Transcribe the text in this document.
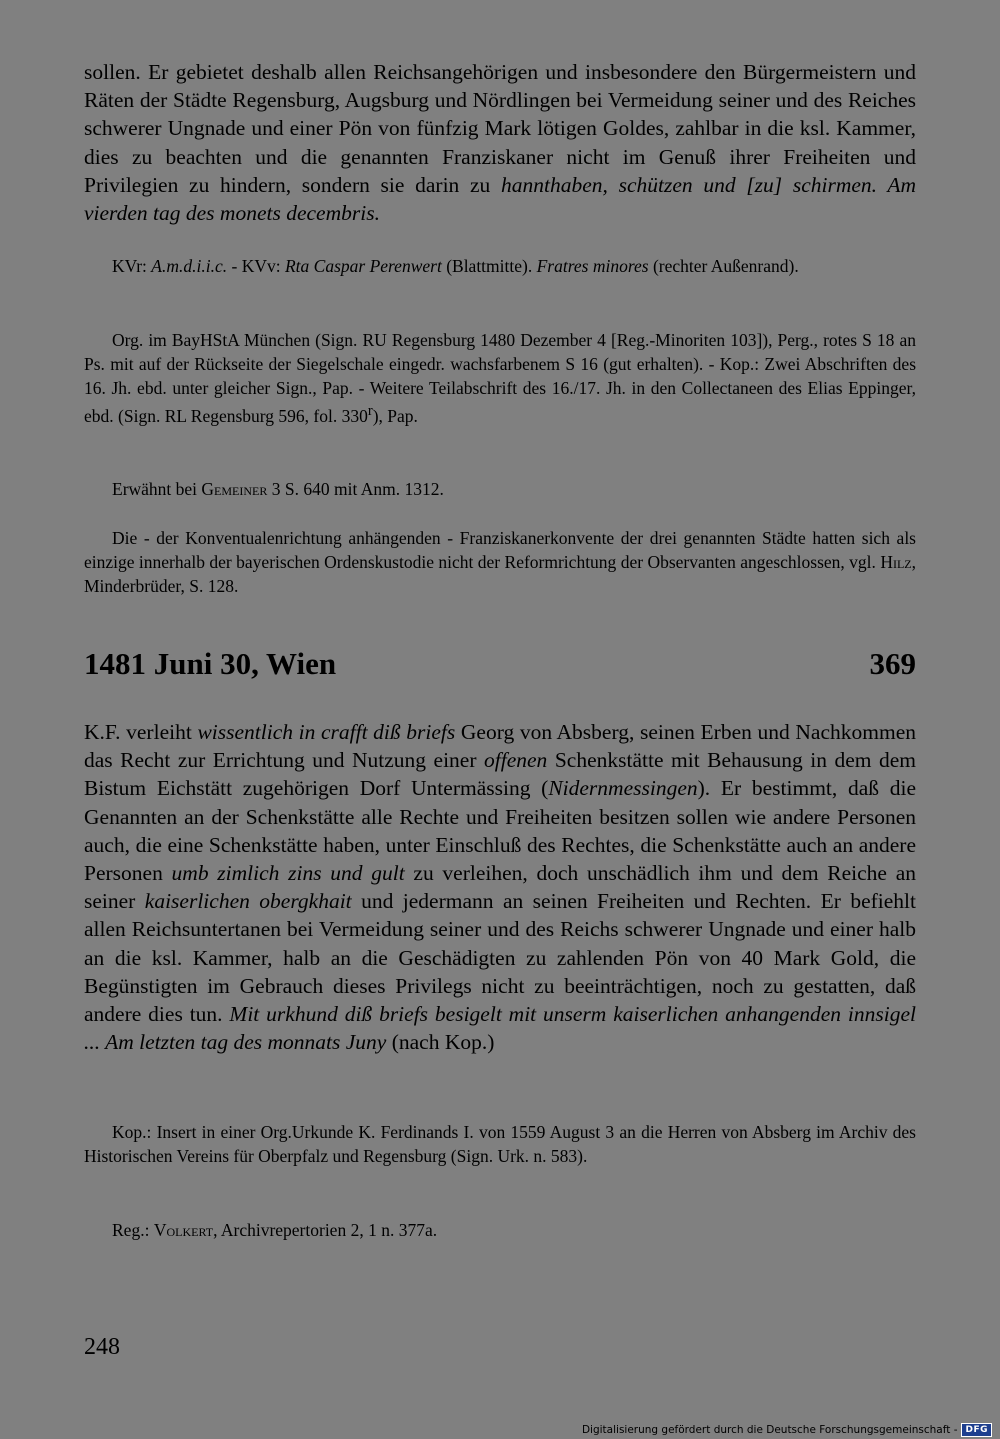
sollen. Er gebietet deshalb allen Reichsangehörigen und insbesondere den Bürgermeistern und Räten der Städte Regensburg, Augsburg und Nördlingen bei Vermeidung seiner und des Reiches schwerer Ungnade und einer Pön von fünfzig Mark lötigen Goldes, zahlbar in die ksl. Kammer, dies zu beachten und die genannten Franziskaner nicht im Genuß ihrer Freiheiten und Privilegien zu hindern, sondern sie darin zu hannthaben, schützen und [zu] schirmen. Am vierden tag des monets decembris.

KVr: A.m.d.i.i.c. - KVv: Rta Caspar Perenwert (Blattmitte). Fratres minores (rechter Außenrand).

Org. im BayHStA München (Sign. RU Regensburg 1480 Dezember 4 [Reg.-Minoriten 103]), Perg., rotes S 18 an Ps. mit auf der Rückseite der Siegelschale eingedr. wachsfarbenem S 16 (gut erhalten). - Kop.: Zwei Abschriften des 16. Jh. ebd. unter gleicher Sign., Pap. - Weitere Teilabschrift des 16./17. Jh. in den Collectaneen des Elias Eppinger, ebd. (Sign. RL Regensburg 596, fol. 330$^r$), Pap.

Erwähnt bei Gemeiner 3 S. 640 mit Anm. 1312.

Die - der Konventualenrichtung anhängenden - Franziskanerkonvente der drei genannten Städte hatten sich als einzige innerhalb der bayerischen Ordenskustodie nicht der Reformrichtung der Observanten angeschlossen, vgl. Hilz, Minderbrüder, S. 128.

1481 Juni 30, Wien	369

K.F. verleiht wissentlich in crafft diß briefs Georg von Absberg, seinen Erben und Nachkommen das Recht zur Errichtung und Nutzung einer offenen Schenkstätte mit Behausung in dem dem Bistum Eichstätt zugehörigen Dorf Untermässing (Nidernmessingen). Er bestimmt, daß die Genannten an der Schenkstätte alle Rechte und Freiheiten besitzen sollen wie andere Personen auch, die eine Schenkstätte haben, unter Einschluß des Rechtes, die Schenkstätte auch an andere Personen umb zimlich zins und gult zu verleihen, doch unschädlich ihm und dem Reiche an seiner kaiserlichen obergkhait und jedermann an seinen Freiheiten und Rechten. Er befiehlt allen Reichsuntertanen bei Vermeidung seiner und des Reichs schwerer Ungnade und einer halb an die ksl. Kammer, halb an die Geschädigten zu zahlenden Pön von 40 Mark Gold, die Begünstigten im Gebrauch dieses Privilegs nicht zu beeinträchtigen, noch zu gestatten, daß andere dies tun. Mit urkhund diß briefs besigelt mit unserm kaiserlichen anhangenden innsigel ... Am letzten tag des monnats Juny (nach Kop.)

Kop.: Insert in einer Org.Urkunde K. Ferdinands I. von 1559 August 3 an die Herren von Absberg im Archiv des Historischen Vereins für Oberpfalz und Regensburg (Sign. Urk. n. 583).

Reg.: Volkert, Archivrepertorien 2, 1 n. 377a.

248
Digitalisierung gefördert durch die Deutsche Forschungsgemeinschaft - DFG
